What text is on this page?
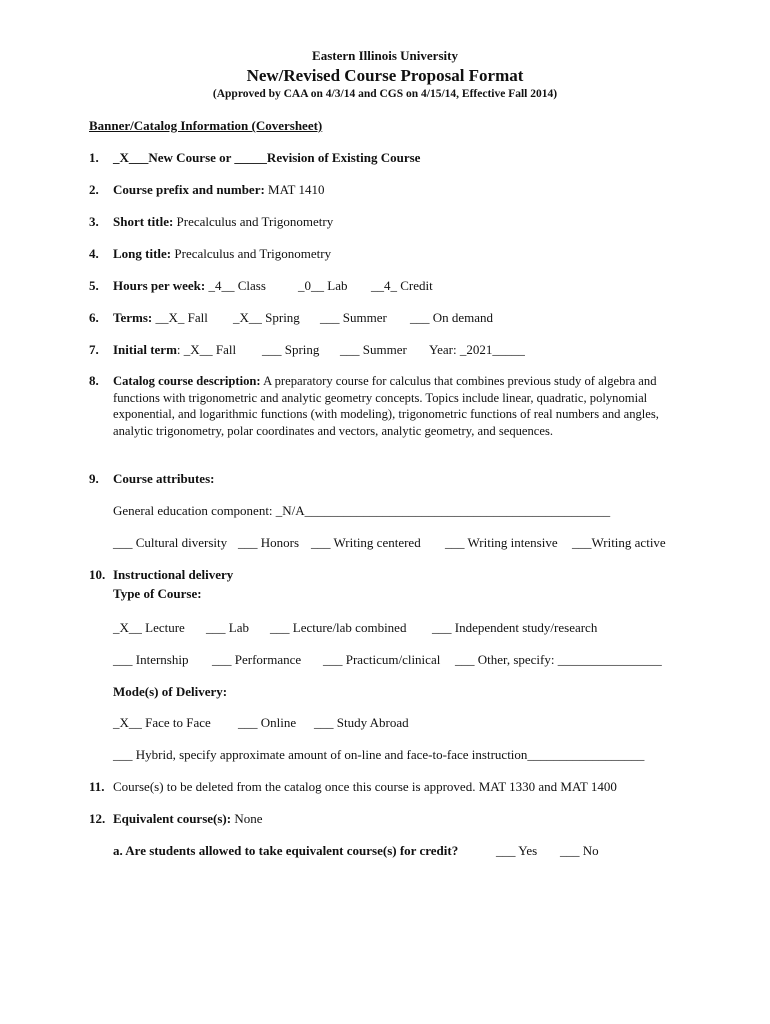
Eastern Illinois University
New/Revised Course Proposal Format
(Approved by CAA on 4/3/14 and CGS on 4/15/14, Effective Fall 2014)
Banner/Catalog Information (Coversheet)
1. _X___New Course or _____Revision of Existing Course
2. Course prefix and number: MAT 1410
3. Short title: Precalculus and Trigonometry
4. Long title: Precalculus and Trigonometry
5. Hours per week: _4__ Class _0__ Lab __4_ Credit
6. Terms: __X_ Fall _X__ Spring ___ Summer ___ On demand
7. Initial term: _X__ Fall ___ Spring ___ Summer Year: _2021_____
8. Catalog course description: A preparatory course for calculus that combines previous study of algebra and functions with trigonometric and analytic geometry concepts. Topics include linear, quadratic, polynomial exponential, and logarithmic functions (with modeling), trigonometric functions of real numbers and angles, analytic trigonometry, polar coordinates and vectors, analytic geometry, and sequences.
9. Course attributes:
General education component: _N/A_______________________________________________
___ Cultural diversity ___ Honors ___ Writing centered ___ Writing intensive ___Writing active
10. Instructional delivery
Type of Course:
_X__ Lecture ___ Lab ___ Lecture/lab combined ___ Independent study/research
___ Internship ___ Performance ___ Practicum/clinical ___ Other, specify: ________________
Mode(s) of Delivery:
_X__ Face to Face ___ Online ___ Study Abroad
___ Hybrid, specify approximate amount of on-line and face-to-face instruction__________________
11. Course(s) to be deleted from the catalog once this course is approved. MAT 1330 and MAT 1400
12. Equivalent course(s): None
a. Are students allowed to take equivalent course(s) for credit?	___ Yes ___ No
